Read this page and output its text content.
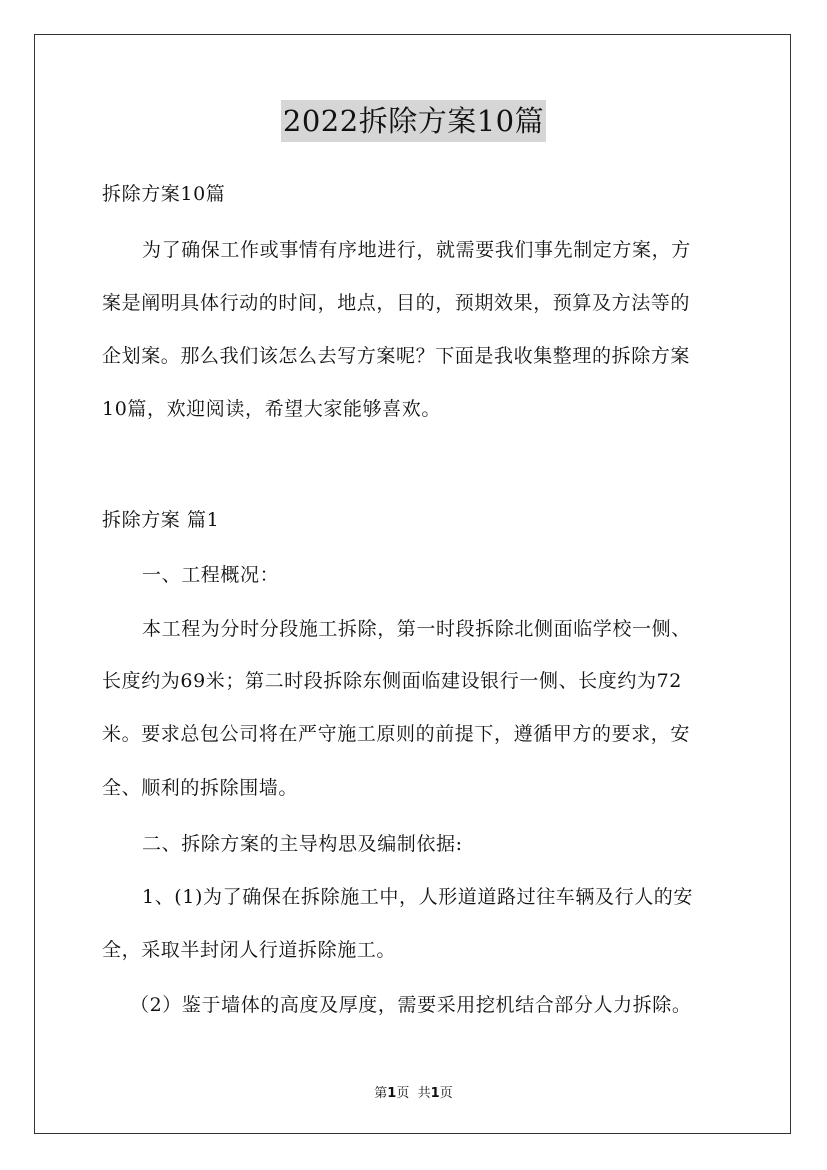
2022拆除方案10篇
拆除方案10篇
为了确保工作或事情有序地进行，就需要我们事先制定方案，方
案是阐明具体行动的时间，地点，目的，预期效果，预算及方法等的
企划案。那么我们该怎么去写方案呢？下面是我收集整理的拆除方案
10篇，欢迎阅读，希望大家能够喜欢。
拆除方案 篇1
一、工程概况：
本工程为分时分段施工拆除，第一时段拆除北侧面临学校一侧、
长度约为69米；第二时段拆除东侧面临建设银行一侧、长度约为72
米。要求总包公司将在严守施工原则的前提下，遵循甲方的要求，安
全、顺利的拆除围墙。
二、拆除方案的主导构思及编制依据:
1、(1)为了确保在拆除施工中，人形道道路过往车辆及行人的安
全，采取半封闭人行道拆除施工。
（2）鉴于墙体的高度及厚度，需要采用挖机结合部分人力拆除。
第1页 共1页
